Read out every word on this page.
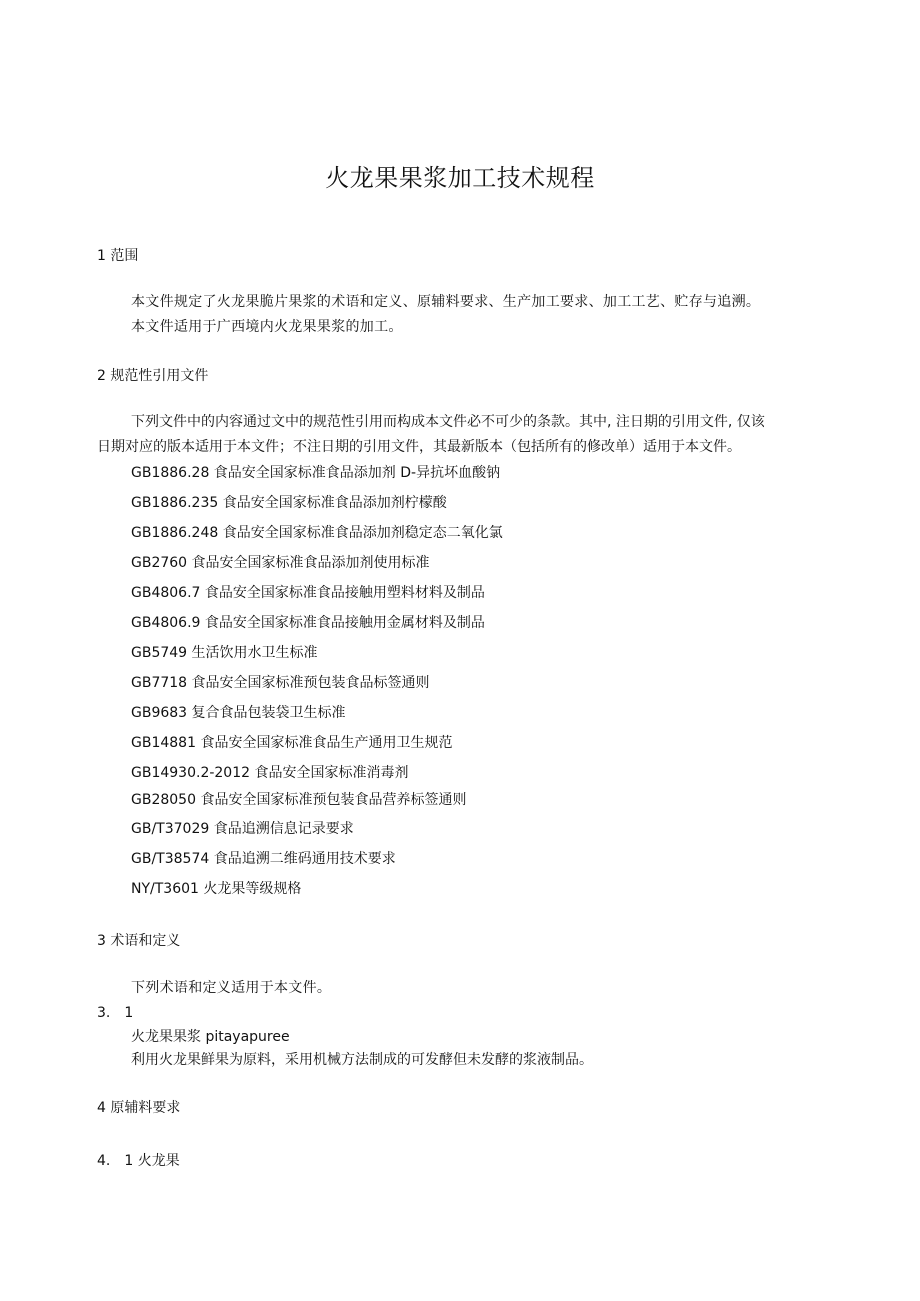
火龙果果浆加工技术规程

1 范围

本文件规定了火龙果脆片果浆的术语和定义、原辅料要求、生产加工要求、加工工艺、贮存与追溯。

本文件适用于广西境内火龙果果浆的加工。

2 规范性引用文件

下列文件中的内容通过文中的规范性引用而构成本文件必不可少的条款。其中, 注日期的引用文件, 仅该

日期对应的版本适用于本文件；不注日期的引用文件，其最新版本（包括所有的修改单）适用于本文件。

GB1886.28 食品安全国家标准食品添加剂 D-异抗坏血酸钠

GB1886.235 食品安全国家标准食品添加剂柠檬酸

GB1886.248 食品安全国家标准食品添加剂稳定态二氧化氯

GB2760 食品安全国家标准食品添加剂使用标准

GB4806.7 食品安全国家标准食品接触用塑料材料及制品

GB4806.9 食品安全国家标准食品接触用金属材料及制品

GB5749 生活饮用水卫生标准

GB7718 食品安全国家标准预包装食品标签通则

GB9683 复合食品包装袋卫生标准

GB14881 食品安全国家标准食品生产通用卫生规范

GB14930.2-2012 食品安全国家标准消毒剂

GB28050 食品安全国家标准预包装食品营养标签通则

GB/T37029 食品追溯信息记录要求

GB/T38574 食品追溯二维码通用技术要求

NY/T3601 火龙果等级规格

3 术语和定义

下列术语和定义适用于本文件。

3.　1

火龙果果浆 pitayapuree

利用火龙果鲜果为原料，采用机械方法制成的可发酵但未发酵的浆液制品。

4 原辅料要求

4.　1 火龙果
